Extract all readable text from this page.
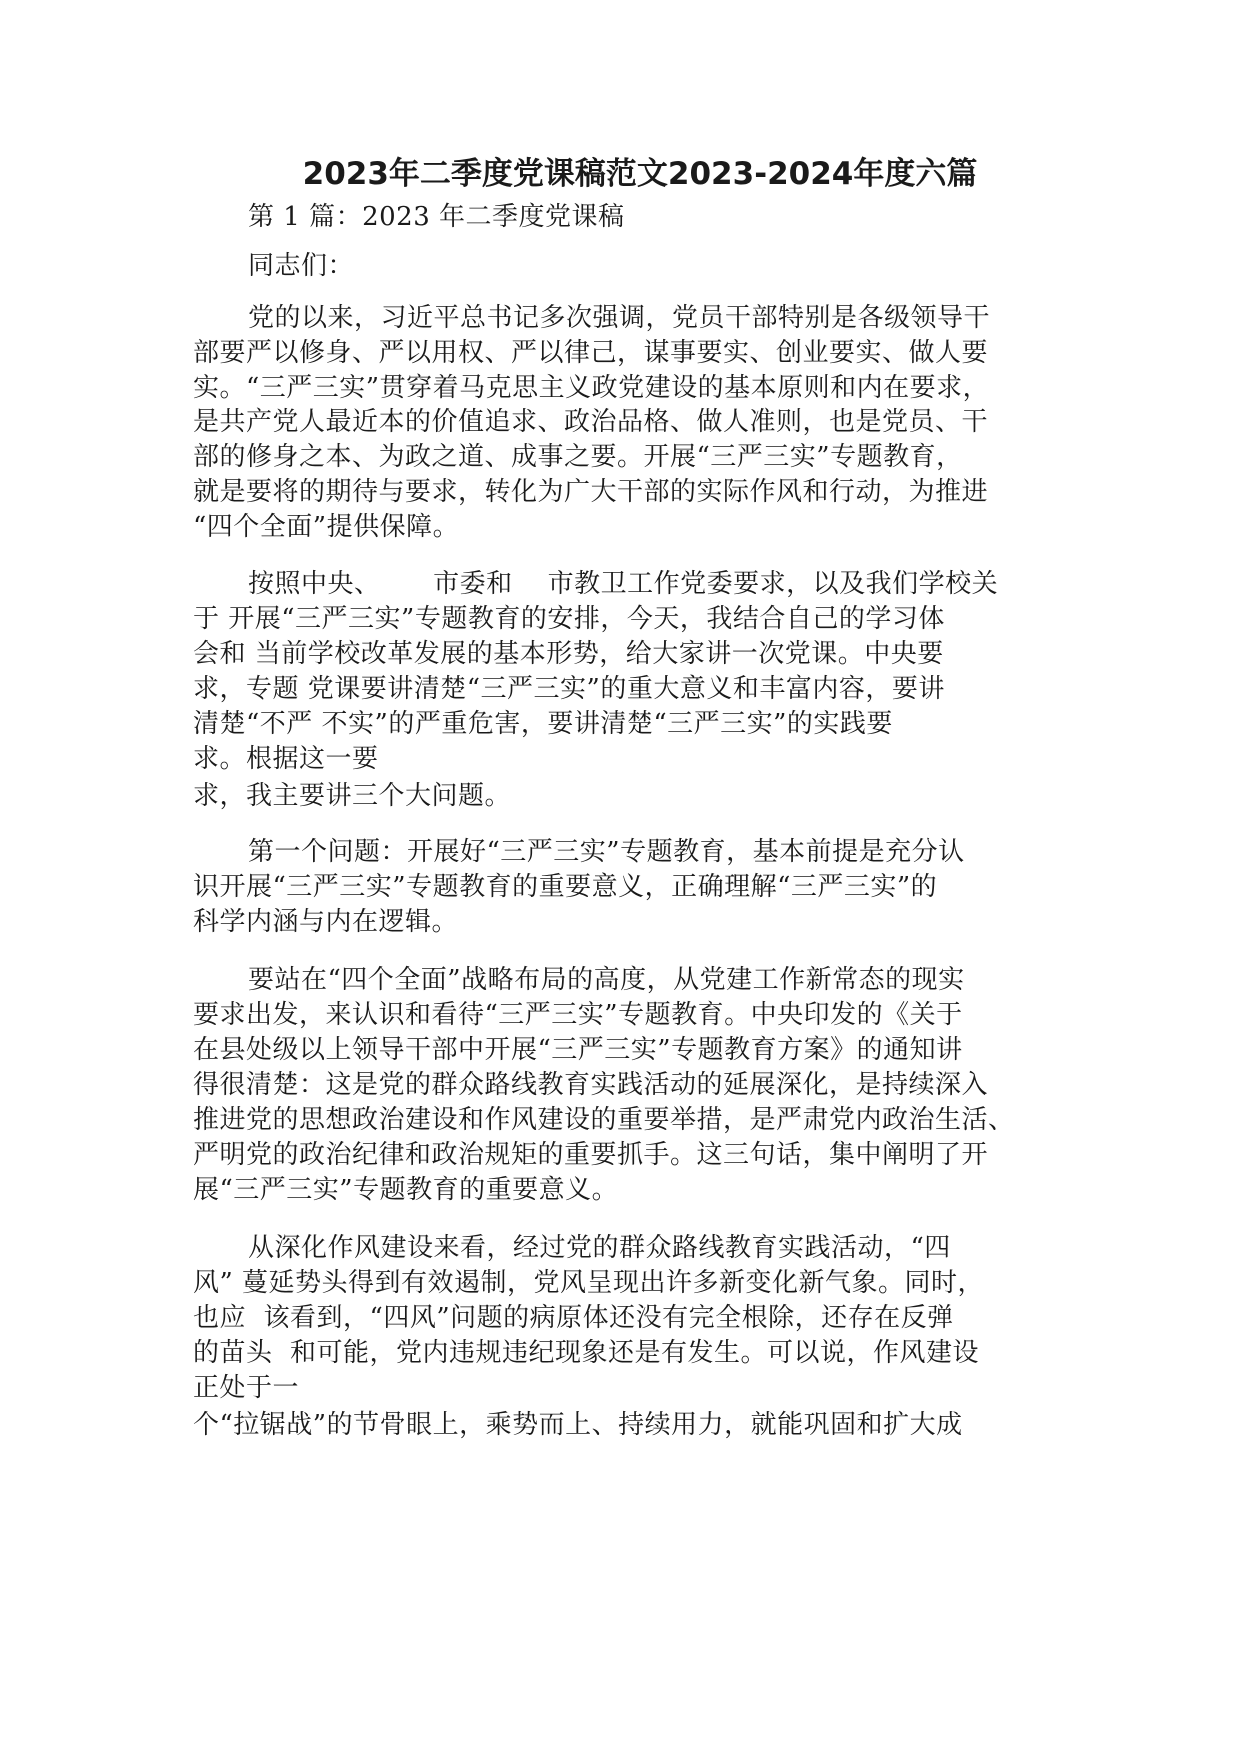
2023年二季度党课稿范文2023-2024年度六篇

第 1 篇：2023 年二季度党课稿

同志们：

党的以来，习近平总书记多次强调，党员干部特别是各级领导干

部要严以修身、严以用权、严以律己，谋事要实、创业要实、做人要

实。“三严三实”贯穿着马克思主义政党建设的基本原则和内在要求，

是共产党人最近本的价值追求、政治品格、做人准则，也是党员、干

部的修身之本、为政之道、成事之要。开展“三严三实”专题教育，

就是要将的期待与要求，转化为广大干部的实际作风和行动，为推进

“四个全面”提供保障。

按照中央、      市委和    市教卫工作党委要求，以及我们学校关

于 开展“三严三实”专题教育的安排，今天，我结合自己的学习体

会和 当前学校改革发展的基本形势，给大家讲一次党课。中央要

求，专题 党课要讲清楚“三严三实”的重大意义和丰富内容，要讲

清楚“不严 不实”的严重危害，要讲清楚“三严三实”的实践要

求。根据这一要

求，我主要讲三个大问题。

第一个问题：开展好“三严三实”专题教育，基本前提是充分认

识开展“三严三实”专题教育的重要意义，正确理解“三严三实”的

科学内涵与内在逻辑。

要站在“四个全面”战略布局的高度，从党建工作新常态的现实

要求出发，来认识和看待“三严三实”专题教育。中央印发的《关于

在县处级以上领导干部中开展“三严三实”专题教育方案》的通知讲

得很清楚：这是党的群众路线教育实践活动的延展深化，是持续深入

推进党的思想政治建设和作风建设的重要举措，是严肃党内政治生活、

严明党的政治纪律和政治规矩的重要抓手。这三句话，集中阐明了开

展“三严三实”专题教育的重要意义。

从深化作风建设来看，经过党的群众路线教育实践活动，“四

风” 蔓延势头得到有效遏制，党风呈现出许多新变化新气象。同时，

也应  该看到，“四风”问题的病原体还没有完全根除，还存在反弹

的苗头  和可能，党内违规违纪现象还是有发生。可以说，作风建设

正处于一

个“拉锯战”的节骨眼上，乘势而上、持续用力，就能巩固和扩大成
